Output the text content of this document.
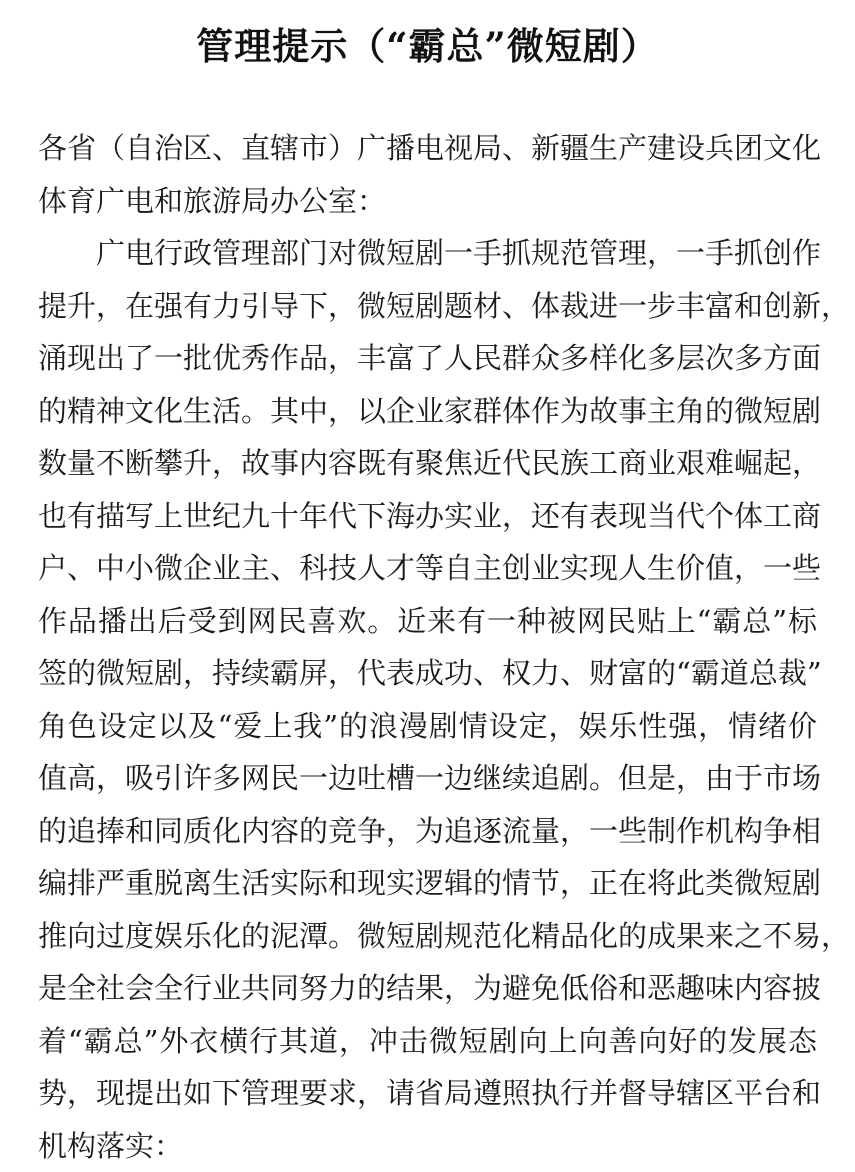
管理提示（“霸总”微短剧）
各省（自治区、直辖市）广播电视局、新疆生产建设兵团文化
体育广电和旅游局办公室：
　　广电行政管理部门对微短剧一手抓规范管理，一手抓创作
提升，在强有力引导下，微短剧题材、体裁进一步丰富和创新，
涌现出了一批优秀作品，丰富了人民群众多样化多层次多方面
的精神文化生活。其中，以企业家群体作为故事主角的微短剧
数量不断攀升，故事内容既有聚焦近代民族工商业艰难崛起，
也有描写上世纪九十年代下海办实业，还有表现当代个体工商
户、中小微企业主、科技人才等自主创业实现人生价值，一些
作品播出后受到网民喜欢。近来有一种被网民贴上“霸总”标
签的微短剧，持续霸屏，代表成功、权力、财富的“霸道总裁”
角色设定以及“爱上我”的浪漫剧情设定，娱乐性强，情绪价
值高，吸引许多网民一边吐槽一边继续追剧。但是，由于市场
的追捧和同质化内容的竞争，为追逐流量，一些制作机构争相
编排严重脱离生活实际和现实逻辑的情节，正在将此类微短剧
推向过度娱乐化的泥潭。微短剧规范化精品化的成果来之不易，
是全社会全行业共同努力的结果，为避免低俗和恶趣味内容披
着“霸总”外衣横行其道，冲击微短剧向上向善向好的发展态
势，现提出如下管理要求，请省局遵照执行并督导辖区平台和
机构落实：
